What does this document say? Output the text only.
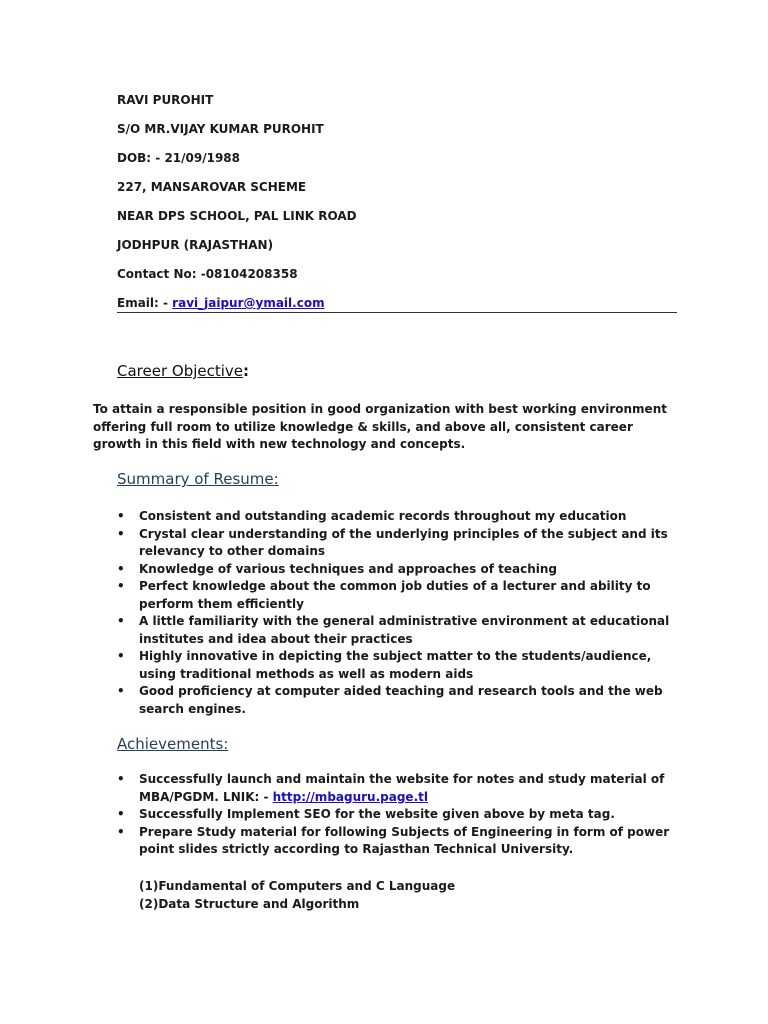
RAVI PUROHIT
S/O MR.VIJAY KUMAR PUROHIT
DOB: - 21/09/1988
227, MANSAROVAR SCHEME
NEAR DPS SCHOOL, PAL LINK ROAD
JODHPUR (RAJASTHAN)
Contact No: -08104208358
Email: - ravi_jaipur@ymail.com
Career Objective:
To attain a responsible position in good organization with best working environment offering full room to utilize knowledge & skills, and above all, consistent career growth in this field with new technology and concepts.
Summary of Resume:
• Consistent and outstanding academic records throughout my education
• Crystal clear understanding of the underlying principles of the subject and its relevancy to other domains
• Knowledge of various techniques and approaches of teaching
• Perfect knowledge about the common job duties of a lecturer and ability to perform them efficiently
• A little familiarity with the general administrative environment at educational institutes and idea about their practices
• Highly innovative in depicting the subject matter to the students/audience, using traditional methods as well as modern aids
• Good proficiency at computer aided teaching and research tools and the web search engines.
Achievements:
• Successfully launch and maintain the website for notes and study material of MBA/PGDM. LNIK: - http://mbaguru.page.tl
• Successfully Implement SEO for the website given above by meta tag.
• Prepare Study material for following Subjects of Engineering in form of power point slides strictly according to Rajasthan Technical University.
(1)Fundamental of Computers and C Language
(2)Data Structure and Algorithm
